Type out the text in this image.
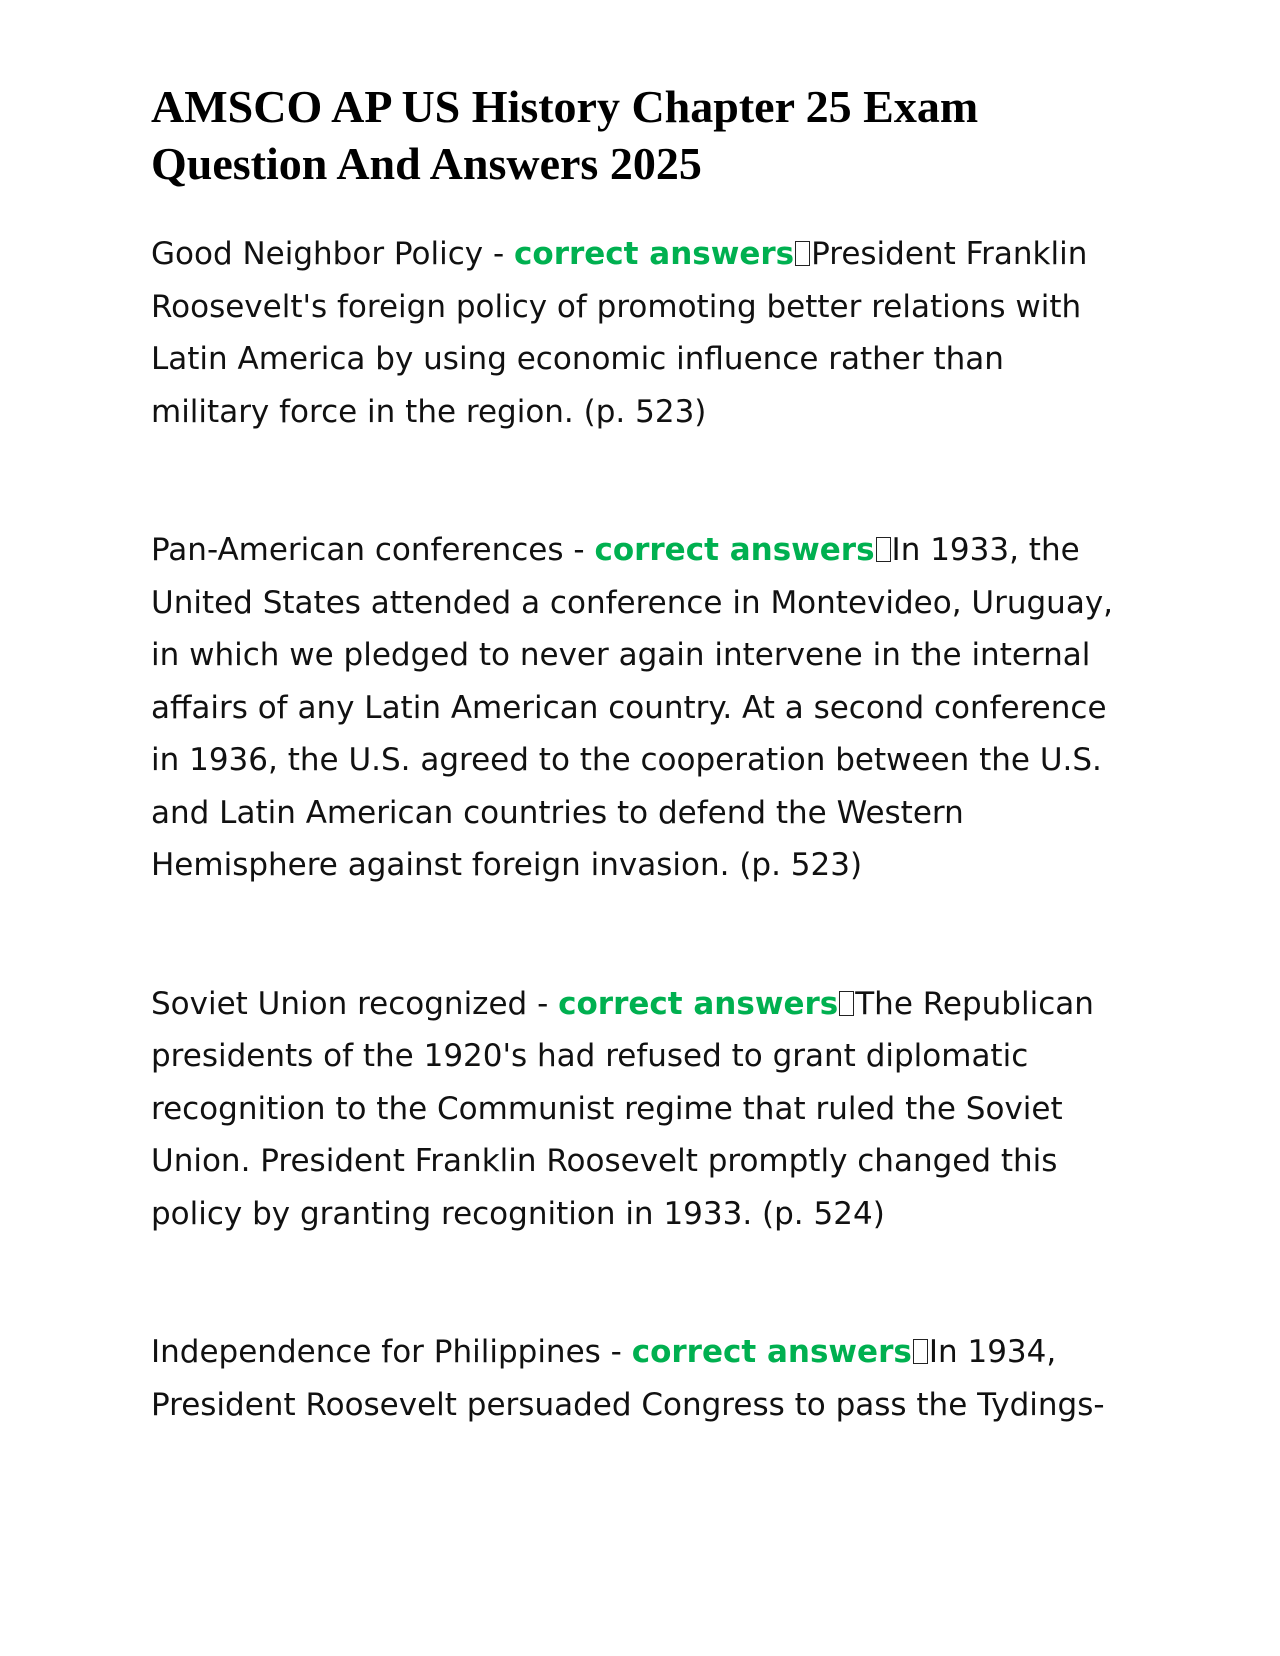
AMSCO AP US History Chapter 25 Exam Question And Answers 2025

Good Neighbor Policy - correct answers President Franklin Roosevelt's foreign policy of promoting better relations with Latin America by using economic influence rather than military force in the region. (p. 523)

Pan-American conferences - correct answers In 1933, the United States attended a conference in Montevideo, Uruguay, in which we pledged to never again intervene in the internal affairs of any Latin American country. At a second conference in 1936, the U.S. agreed to the cooperation between the U.S. and Latin American countries to defend the Western Hemisphere against foreign invasion. (p. 523)

Soviet Union recognized - correct answers The Republican presidents of the 1920's had refused to grant diplomatic recognition to the Communist regime that ruled the Soviet Union. President Franklin Roosevelt promptly changed this policy by granting recognition in 1933. (p. 524)

Independence for Philippines - correct answers In 1934, President Roosevelt persuaded Congress to pass the Tydings-
